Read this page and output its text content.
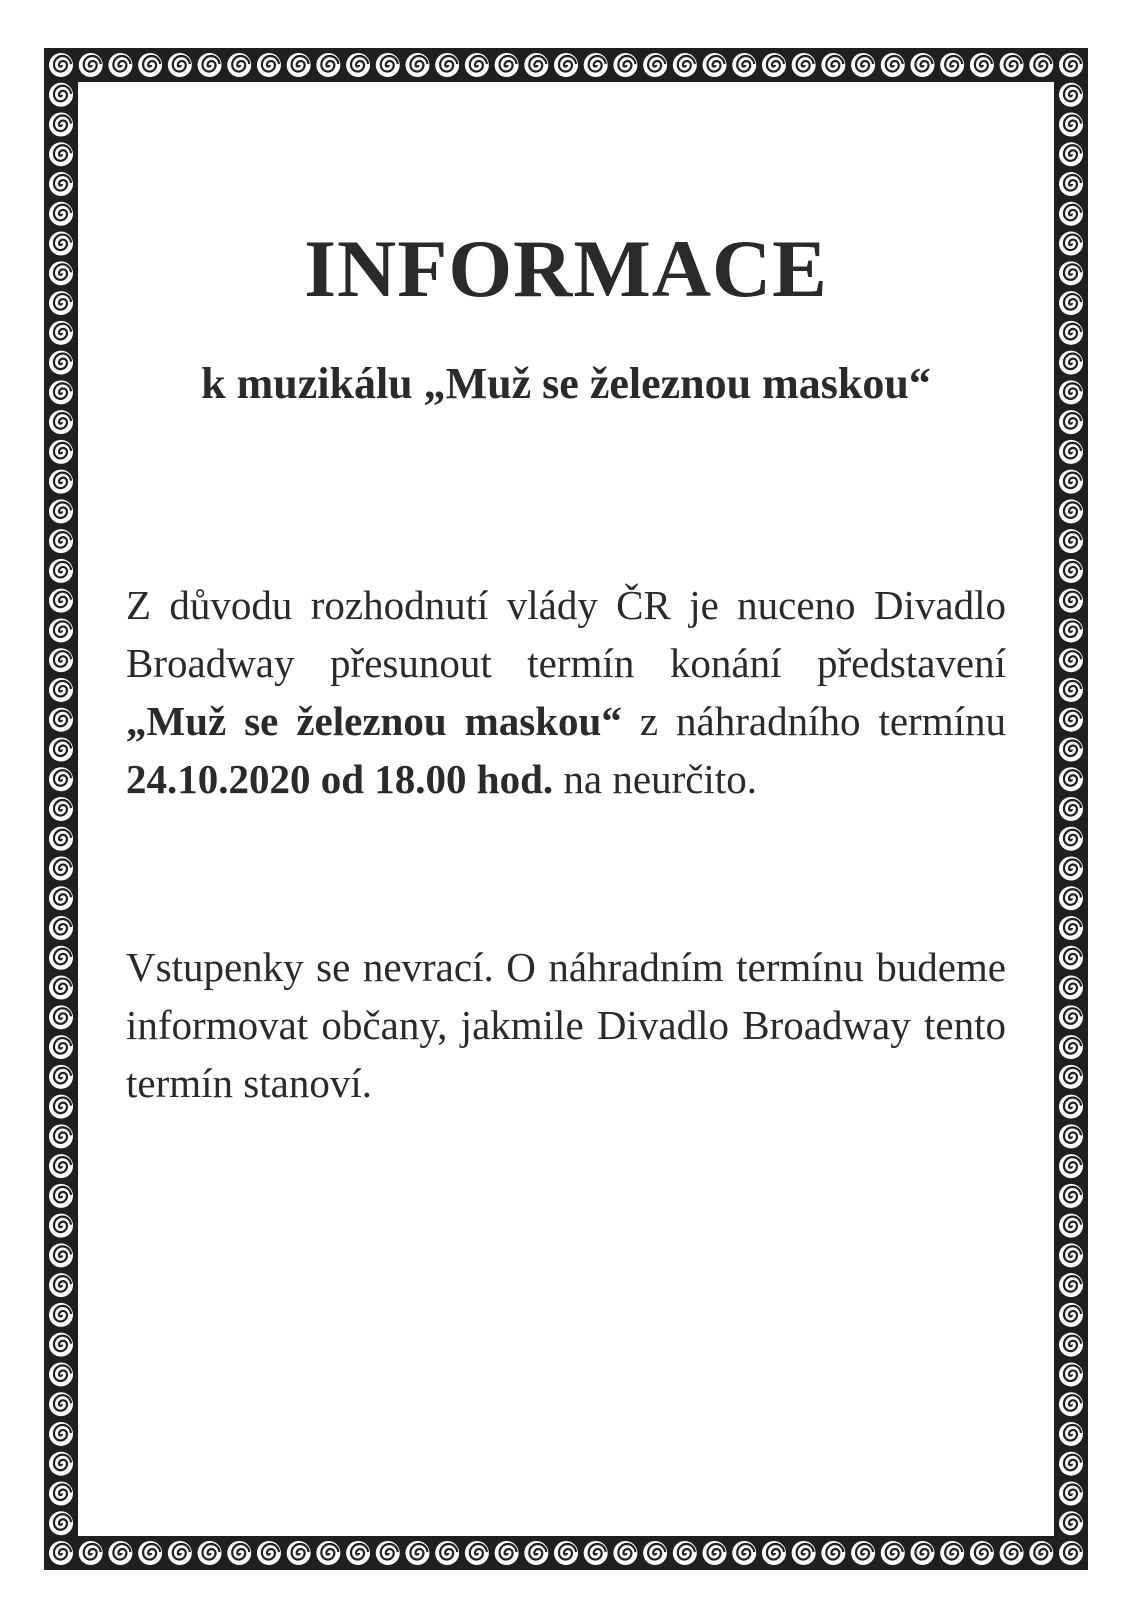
INFORMACE

k muzikálu „Muž se železnou maskou“

Z důvodu rozhodnutí vlády ČR je nuceno Divadlo Broadway přesunout termín konání představení „Muž se železnou maskou“ z náhradního termínu 24.10.2020 od 18.00 hod. na neurčito.

Vstupenky se nevrací. O náhradním termínu budeme informovat občany, jakmile Divadlo Broadway tento termín stanoví.
